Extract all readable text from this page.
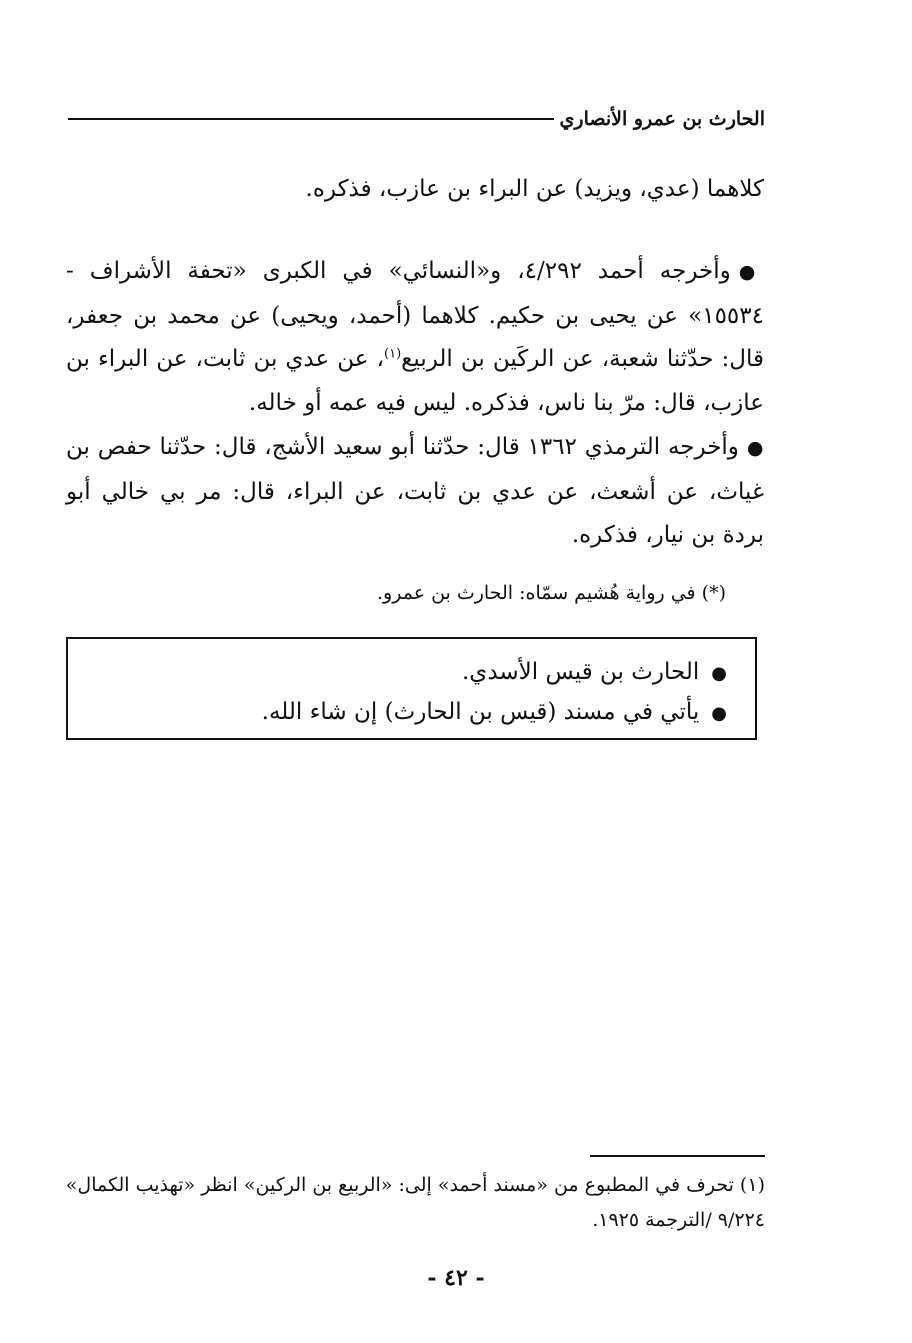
الحارث بن عمرو الأنصاري

كلاهما (عدي، ويزيد) عن البراء بن عازب، فذكره.

●وأخرجه أحمد ٤/٢٩٢، و«النسائي» في الكبرى «تحفة الأشراف - ١٥٥٣٤» عن يحيى بن حكيم. كلاهما (أحمد، ويحيى) عن محمد بن جعفر، قال: حدّثنا شعبة، عن الركَين بن الربيع$^{(١)}$، عن عدي بن ثابت، عن البراء بن عازب، قال: مرّ بنا ناس، فذكره. ليس فيه عمه أو خاله.

●وأخرجه الترمذي ١٣٦٢ قال: حدّثنا أبو سعيد الأشج، قال: حدّثنا حفص بن غياث، عن أشعث، عن عدي بن ثابت، عن البراء، قال: مر بي خالي أبو بردة بن نيار، فذكره.

(*) في رواية هُشيم سمّاه: الحارث بن عمرو.
●الحارث بن قيس الأسدي.
●يأتي في مسند (قيس بن الحارث) إن شاء الله.
(١) تحرف في المطبوع من «مسند أحمد» إلى: «الربيع بن الركين» انظر «تهذيب الكمال» ٩/٢٢٤ /الترجمة ١٩٢٥.
- ٤٢ -
